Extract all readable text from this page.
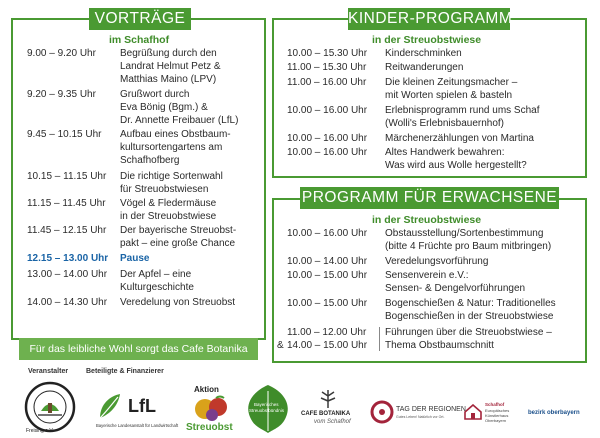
VORTRÄGE
im Schafhof
9.00 – 9.20 Uhr Begrüßung durch den
Landrat Helmut Petz &
Matthias Maino (LPV)
9.20 – 9.35 Uhr Grußwort durch
Eva Bönig (Bgm.) &
Dr. Annette Freibauer (LfL)
9.45 – 10.15 Uhr Aufbau eines Obstbaum-
kultursortengartens am
Schafhofberg
10.15 – 11.15 Uhr Die richtige Sortenwahl
für Streuobstwiesen
11.15 – 11.45 Uhr Vögel & Fledermäuse
in der Streuobstwiese
11.45 – 12.15 Uhr Der bayerische Streuobst-
pakt – eine große Chance
12.15 – 13.00 Uhr Pause
13.00 – 14.00 Uhr Der Apfel – eine
Kulturgeschichte
14.00 – 14.30 Uhr Veredelung von Streuobst
KINDER-PROGRAMM
in der Streuobstwiese
10.00 – 15.30 Uhr Kinderschminken
11.00 – 15.30 Uhr Reitwanderungen
11.00 – 16.00 Uhr Die kleinen Zeitungsmacher –
mit Worten spielen & basteln
10.00 – 16.00 Uhr Erlebnisprogramm rund ums Schaf
(Wolli's Erlebnisbauernhof)
10.00 – 16.00 Uhr Märchenerzählungen von Martina
10.00 – 16.00 Uhr Altes Handwerk bewahren:
Was wird aus Wolle hergestellt?
PROGRAMM FÜR ERWACHSENE
in der Streuobstwiese
10.00 – 16.00 Uhr Obstausstellung/Sortenbestimmung
(bitte 4 Früchte pro Baum mitbringen)
10.00 – 14.00 Uhr Veredelungsvorführung
10.00 – 15.00 Uhr Sensenverein e.V.:
Sensen- & Dengelvorführungen
10.00 – 15.00 Uhr Bogenschießen & Natur: Traditionelles
Bogenschießen in der Streuobstwiese
11.00 – 12.00 Uhr
14.00 – 15.00 Uhr
&
Führungen über die Streuobstwiese –
Thema Obstbaumschnitt
Für das leibliche Wohl sorgt das Cafe Botanika
Veranstalter	Beteiligte & Finanzierer
Freising e.V.
LfL
Bayerische Landesanstalt für Landwirtschaft
Aktion
Streuobst
Bayerisches
Streuobstbündnis
CAFE BOTANIKA
vom Schafhof
TAG DER REGIONEN
Gutes Leben! Natürlich vor Ort.
Schafhof
Europäisches
Künstlerhaus
Oberbayern
bezirk oberbayern
